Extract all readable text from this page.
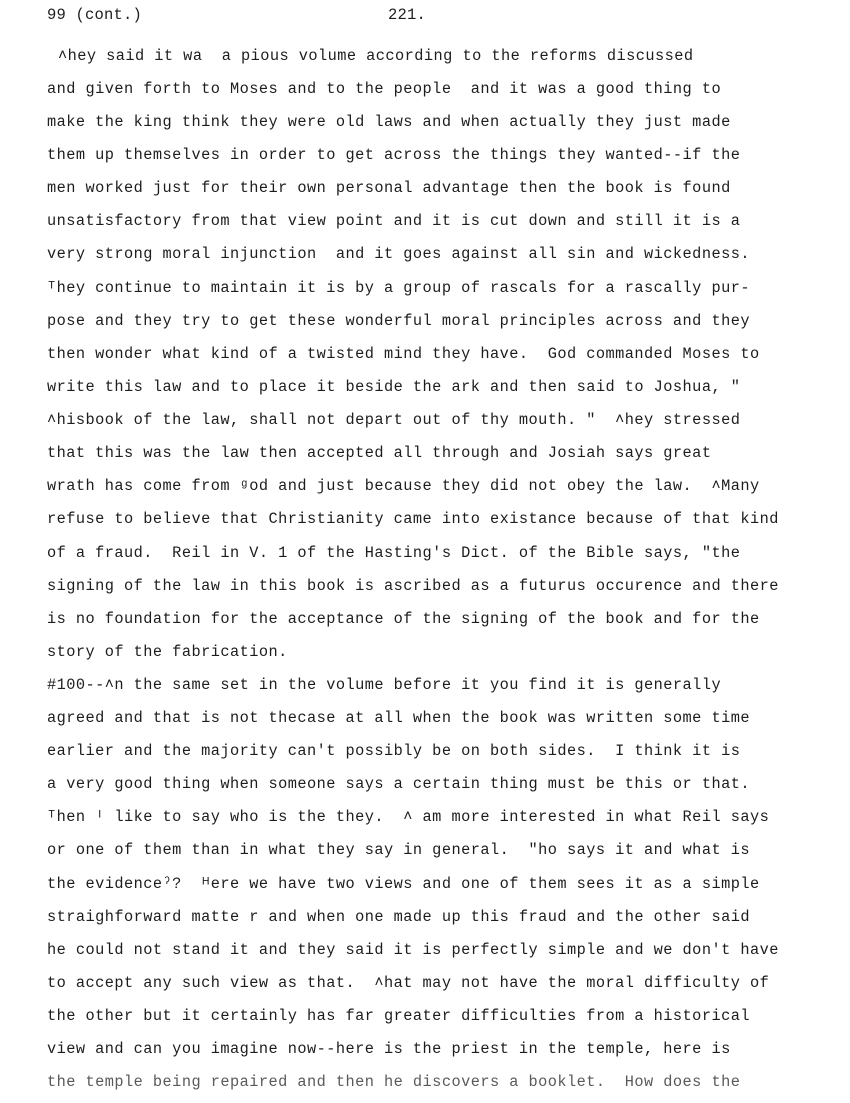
99 (cont.)	221.
˄hey said it wa  a pious volume according to the reforms discussed
and given forth to Moses and to the people  and it was a good thing to
make the king think they were old laws and when actually they just made
them up themselves in order to get across the things they wanted--if the
men worked just for their own personal advantage then the book is found
unsatisfactory from that view point and it is cut down and still it is a
very strong moral injunction  and it goes against all sin and wickedness.
ᵀhey continue to maintain it is by a group of rascals for a rascally pur-
pose and they try to get these wonderful moral principles across and they
then wonder what kind of a twisted mind they have.  God commanded Moses to
write this law and to place it beside the ark and then said to Joshua, "
˄hisbook of the law, shall not depart out of thy mouth. "  ˄hey stressed
that this was the law then accepted all through and Josiah says great
wrath has come from ᵍod and just because they did not obey the law.  ˄Many
refuse to believe that Christianity came into existance because of that kind
of a fraud.  Reil in V. 1 of the Hasting's Dict. of the Bible says, "the
signing of the law in this book is ascribed as a futurus occurence and there
is no foundation for the acceptance of the signing of the book and for the
story of the fabrication.
#100--˄n the same set in the volume before it you find it is generally
agreed and that is not thecase at all when the book was written some time
earlier and the majority can't possibly be on both sides.  I think it is
a very good thing when someone says a certain thing must be this or that.
ᵀhen ᴵ like to say who is the they.  ˄ am more interested in what Reil says
or one of them than in what they say in general.  "ho says it and what is
the evidenceˀ?  ᴴere we have two views and one of them sees it as a simple
straighforward matte r and when one made up this fraud and the other said
he could not stand it and they said it is perfectly simple and we don't have
to accept any such view as that.  ˄hat may not have the moral difficulty of
the other but it certainly has far greater difficulties from a historical
view and can you imagine now--here is the priest in the temple, here is
the temple being repaired and then he discovers a booklet.  How does the
